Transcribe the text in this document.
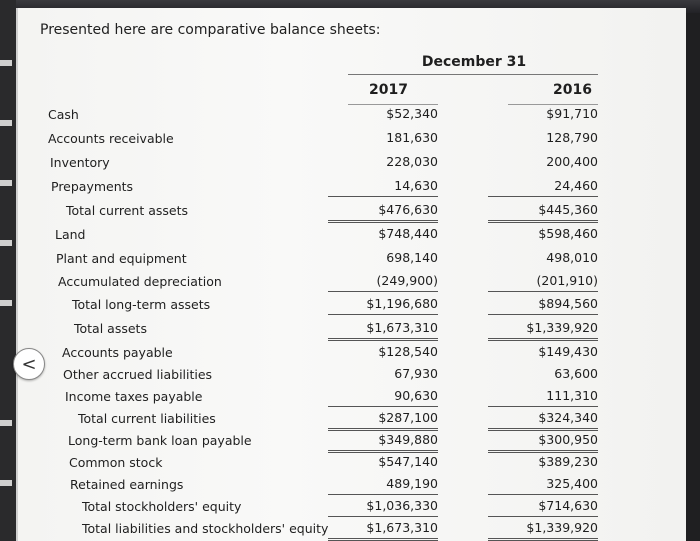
Presented here are comparative balance sheets:
December 31
2017	2016
Cash	$52,340	$91,710
Accounts receivable	181,630	128,790
Inventory	228,030	200,400
Prepayments	14,630	24,460
Total current assets	$476,630	$445,360
Land	$748,440	$598,460
Plant and equipment	698,140	498,010
Accumulated depreciation	(249,900)	(201,910)
Total long-term assets	$1,196,680	$894,560
Total assets	$1,673,310	$1,339,920
Accounts payable	$128,540	$149,430
Other accrued liabilities	67,930	63,600
Income taxes payable	90,630	111,310
Total current liabilities	$287,100	$324,340
Long-term bank loan payable	$349,880	$300,950
Common stock	$547,140	$389,230
Retained earnings	489,190	325,400
Total stockholders' equity	$1,036,330	$714,630
Total liabilities and stockholders' equity	$1,673,310	$1,339,920
<
